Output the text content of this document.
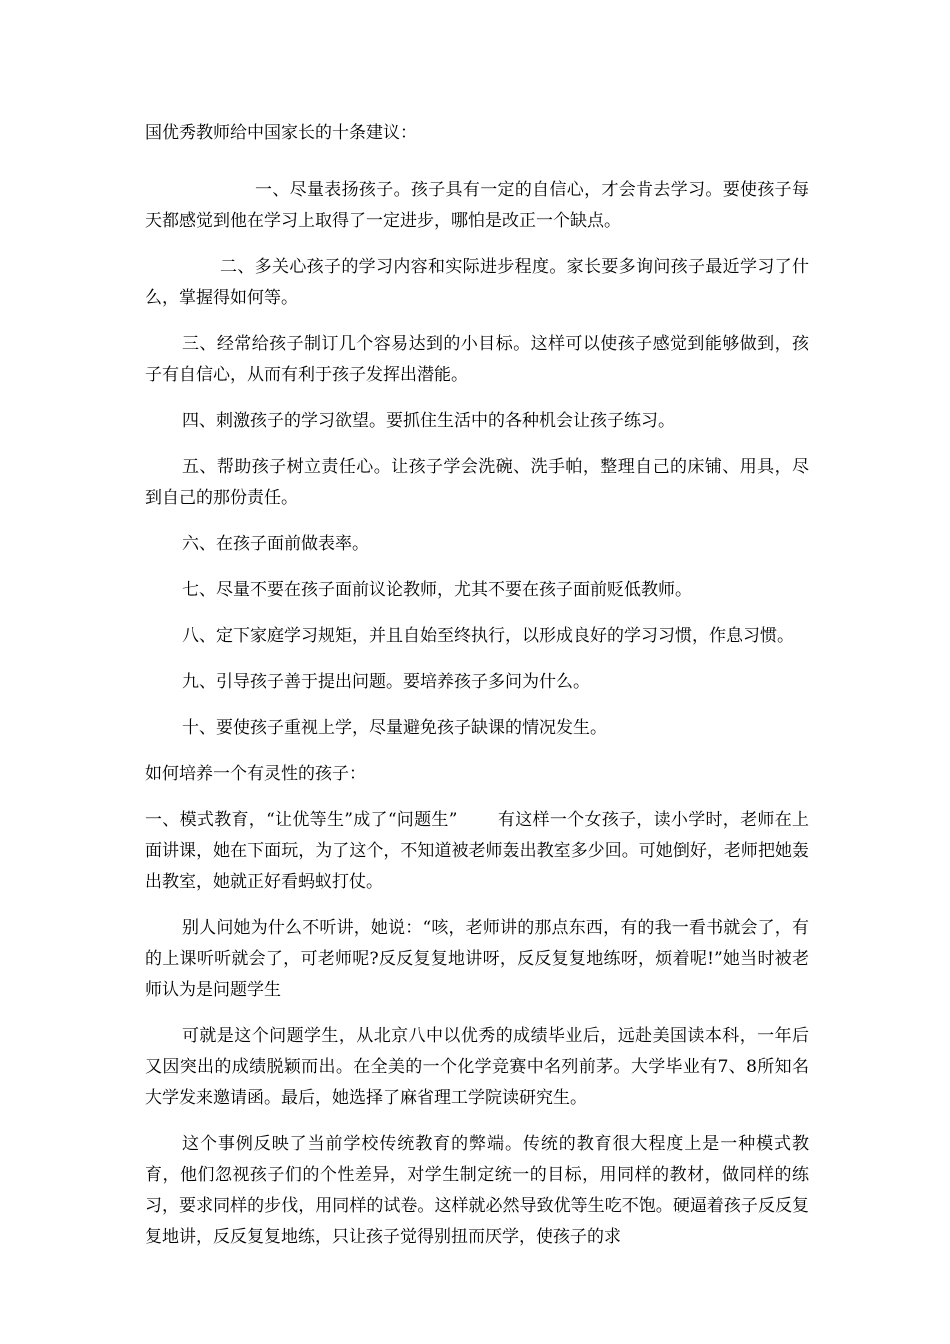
国优秀教师给中国家长的十条建议：

一、尽量表扬孩子。孩子具有一定的自信心，才会肯去学习。要使孩子每天都感觉到他在学习上取得了一定进步，哪怕是改正一个缺点。

二、多关心孩子的学习内容和实际进步程度。家长要多询问孩子最近学习了什么，掌握得如何等。

三、经常给孩子制订几个容易达到的小目标。这样可以使孩子感觉到能够做到，孩子有自信心，从而有利于孩子发挥出潜能。

四、刺激孩子的学习欲望。要抓住生活中的各种机会让孩子练习。

五、帮助孩子树立责任心。让孩子学会洗碗、洗手帕，整理自己的床铺、用具，尽到自己的那份责任。

六、在孩子面前做表率。

七、尽量不要在孩子面前议论教师，尤其不要在孩子面前贬低教师。

八、定下家庭学习规矩，并且自始至终执行，以形成良好的学习习惯，作息习惯。

九、引导孩子善于提出问题。要培养孩子多问为什么。

十、要使孩子重视上学，尽量避免孩子缺课的情况发生。

如何培养一个有灵性的孩子：

一、模式教育，“让优等生”成了“问题生”　　 有这样一个女孩子，读小学时，老师在上面讲课，她在下面玩，为了这个，不知道被老师轰出教室多少回。可她倒好，老师把她轰出教室，她就正好看蚂蚁打仗。

别人问她为什么不听讲，她说：“咳，老师讲的那点东西，有的我一看书就会了，有的上课听听就会了，可老师呢?反反复复地讲呀，反反复复地练呀，烦着呢!”她当时被老师认为是问题学生

可就是这个问题学生，从北京八中以优秀的成绩毕业后，远赴美国读本科，一年后又因突出的成绩脱颖而出。在全美的一个化学竞赛中名列前茅。大学毕业有7、8所知名大学发来邀请函。最后，她选择了麻省理工学院读研究生。

这个事例反映了当前学校传统教育的弊端。传统的教育很大程度上是一种模式教育，他们忽视孩子们的个性差异，对学生制定统一的目标，用同样的教材，做同样的练习，要求同样的步伐，用同样的试卷。这样就必然导致优等生吃不饱。硬逼着孩子反反复复地讲，反反复复地练，只让孩子觉得别扭而厌学，使孩子的求
